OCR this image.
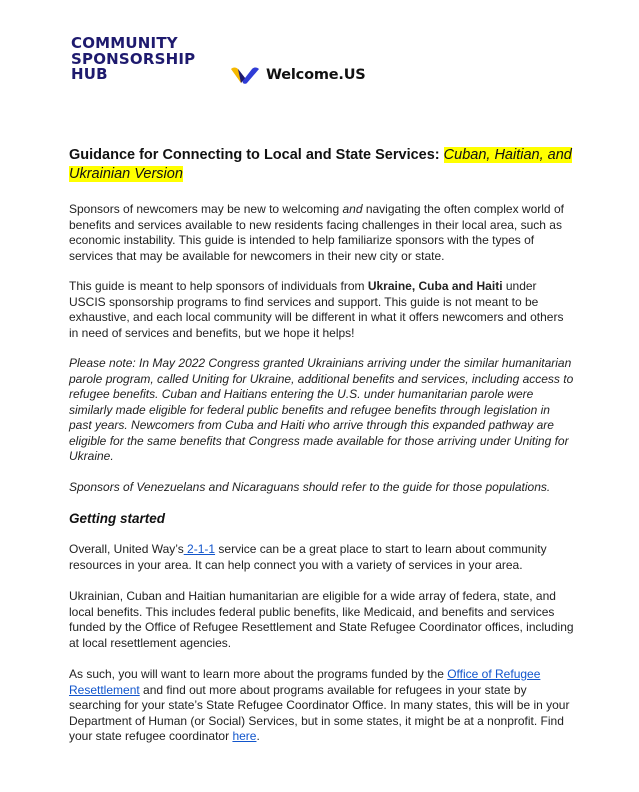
COMMUNITY
SPONSORSHIP
HUB	Welcome.US
Guidance for Connecting to Local and State Services: Cuban, Haitian, and Ukrainian Version

Sponsors of newcomers may be new to welcoming and navigating the often complex world of benefits and services available to new residents facing challenges in their local area, such as economic instability. This guide is intended to help familiarize sponsors with the types of services that may be available for newcomers in their new city or state.

This guide is meant to help sponsors of individuals from Ukraine, Cuba and Haiti under USCIS sponsorship programs to find services and support. This guide is not meant to be exhaustive, and each local community will be different in what it offers newcomers and others in need of services and benefits, but we hope it helps!

Please note: In May 2022 Congress granted Ukrainians arriving under the similar humanitarian parole program, called Uniting for Ukraine, additional benefits and services, including access to refugee benefits. Cuban and Haitians entering the U.S. under humanitarian parole were similarly made eligible for federal public benefits and refugee benefits through legislation in past years. Newcomers from Cuba and Haiti who arrive through this expanded pathway are eligible for the same benefits that Congress made available for those arriving under Uniting for Ukraine.

Sponsors of Venezuelans and Nicaraguans should refer to the guide for those populations.

Getting started

Overall, United Way’s 2-1-1 service can be a great place to start to learn about community resources in your area. It can help connect you with a variety of services in your area.

Ukrainian, Cuban and Haitian humanitarian are eligible for a wide array of federa, state, and local benefits. This includes federal public benefits, like Medicaid, and benefits and services funded by the Office of Refugee Resettlement and State Refugee Coordinator offices, including at local resettlement agencies.

As such, you will want to learn more about the programs funded by the Office of Refugee Resettlement and find out more about programs available for refugees in your state by searching for your state’s State Refugee Coordinator Office. In many states, this will be in your Department of Human (or Social) Services, but in some states, it might be at a nonprofit. Find your state refugee coordinator here.
